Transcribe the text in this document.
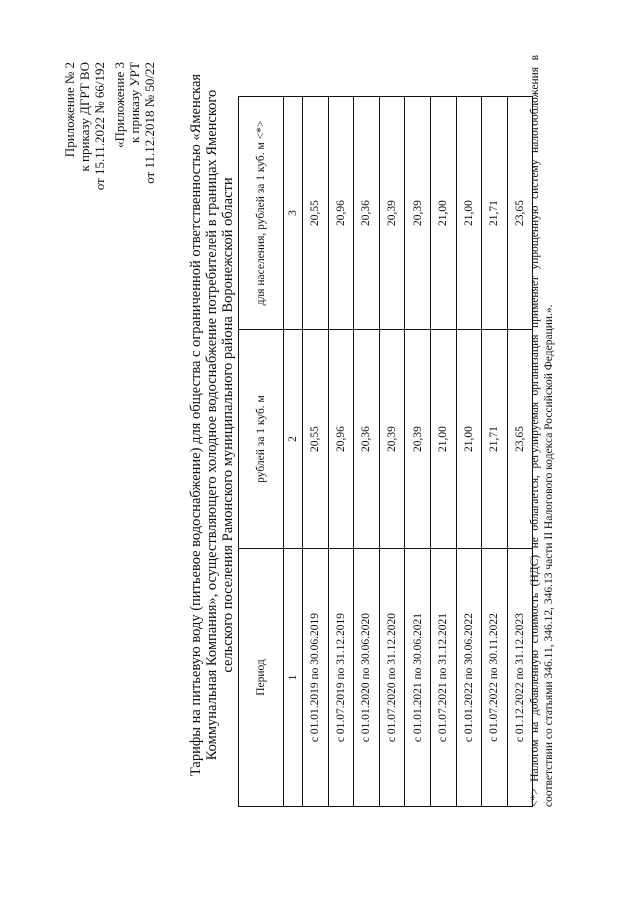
Приложение № 2 к приказу ДГРТ ВО от 15.11.2022 № 66/192 «Приложение 3 к приказу УРТ от 11.12.2018 № 50/22 Тарифы на питьевую воду (питьевое водоснабжение) для общества с ограниченной ответственностью «Яменская Коммунальная Компания», осуществляющего холодное водоснабжение потребителей в границах Яменского сельского поселения Рамонского муниципального района Воронежской области
Период	рублей за 1 куб. м	для населения, рублей за 1 куб. м <*>
1	2	3
с 01.01.2019 по 30.06.2019	20,55	20,55
с 01.07.2019 по 31.12.2019	20,96	20,96
с 01.01.2020 по 30.06.2020	20,36	20,36
с 01.07.2020 по 31.12.2020	20,39	20,39
с 01.01.2021 по 30.06.2021	20,39	20,39
с 01.07.2021 по 31.12.2021	21,00	21,00
с 01.01.2022 по 30.06.2022	21,00	21,00
с 01.07.2022 по 30.11.2022	21,71	21,71
с 01.12.2022 по 31.12.2023	23,65	23,65 <*> Налогом на добавленную стоимость (НДС) не облагается, регулируемая организация применяет упрощенную систему налогообложения в соответствии со статьями 346.11, 346.12, 346.13 части II Налогового кодекса Российской Федерации.».
